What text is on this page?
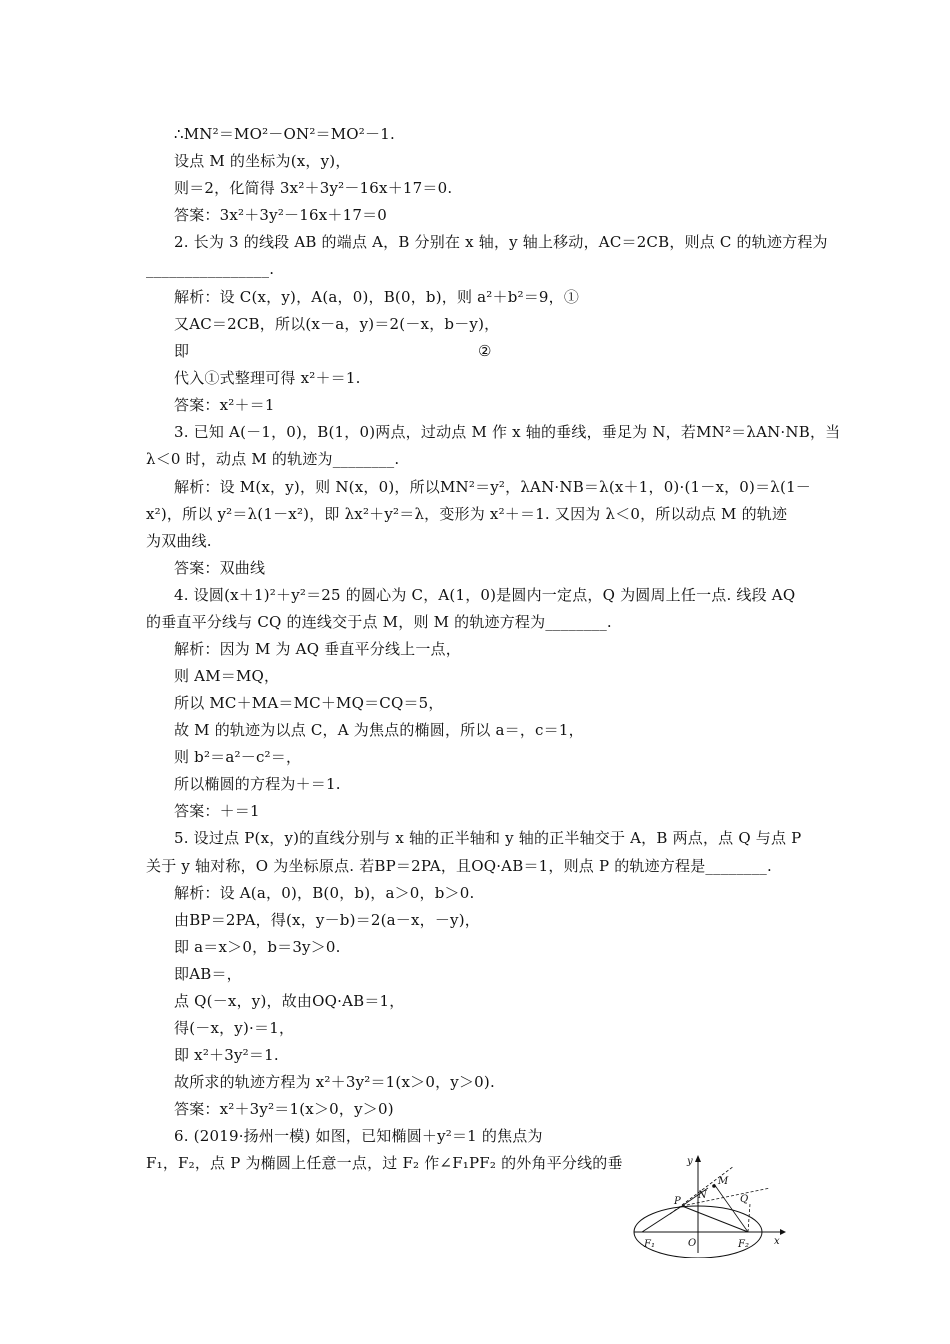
∴MN²＝MO²－ON²＝MO²－1.
设点 M 的坐标为(x，y)，
则＝2，化简得 3x²＋3y²－16x＋17＝0.
答案：3x²＋3y²－16x＋17＝0
2. 长为 3 的线段 AB 的端点 A，B 分别在 x 轴，y 轴上移动，AC＝2CB，则点 C 的轨迹方程为
________________.
解析：设 C(x，y)，A(a，0)，B(0，b)，则 a²＋b²＝9，①
又AC＝2CB，所以(x－a，y)＝2(－x，b－y)，
即	②
代入①式整理可得 x²＋＝1.
答案：x²＋＝1
3. 已知 A(－1，0)，B(1，0)两点，过动点 M 作 x 轴的垂线，垂足为 N，若MN²＝λAN·NB，当
λ＜0 时，动点 M 的轨迹为________.
解析：设 M(x，y)，则 N(x，0)，所以MN²＝y²，λAN·NB＝λ(x＋1，0)·(1－x，0)＝λ(1－
x²)，所以 y²＝λ(1－x²)，即 λx²＋y²＝λ，变形为 x²＋＝1. 又因为 λ＜0，所以动点 M 的轨迹
为双曲线.
答案：双曲线
4. 设圆(x＋1)²＋y²＝25 的圆心为 C，A(1，0)是圆内一定点，Q 为圆周上任一点. 线段 AQ
的垂直平分线与 CQ 的连线交于点 M，则 M 的轨迹方程为________.
解析：因为 M 为 AQ 垂直平分线上一点，
则 AM＝MQ，
所以 MC＋MA＝MC＋MQ＝CQ＝5，
故 M 的轨迹为以点 C，A 为焦点的椭圆，所以 a＝，c＝1，
则 b²＝a²－c²＝，
所以椭圆的方程为＋＝1.
答案：＋＝1
5. 设过点 P(x，y)的直线分别与 x 轴的正半轴和 y 轴的正半轴交于 A，B 两点，点 Q 与点 P
关于 y 轴对称，O 为坐标原点. 若BP＝2PA，且OQ·AB＝1，则点 P 的轨迹方程是________.
解析：设 A(a，0)，B(0，b)，a＞0，b＞0.
由BP＝2PA，得(x，y－b)＝2(a－x，－y)，
即 a＝x＞0，b＝3y＞0.
即AB＝，
点 Q(－x，y)，故由OQ·AB＝1，
得(－x，y)·＝1，
即 x²＋3y²＝1.
故所求的轨迹方程为 x²＋3y²＝1(x＞0，y＞0).
答案：x²＋3y²＝1(x＞0，y＞0)
6. (2019·扬州一模) 如图，已知椭圆＋y²＝1 的焦点为
F₁，F₂，点 P 为椭圆上任意一点，过 F₂ 作∠F₁PF₂ 的外角平分线的垂	y
x
O
F₁	F₂
P
N
M
Q
